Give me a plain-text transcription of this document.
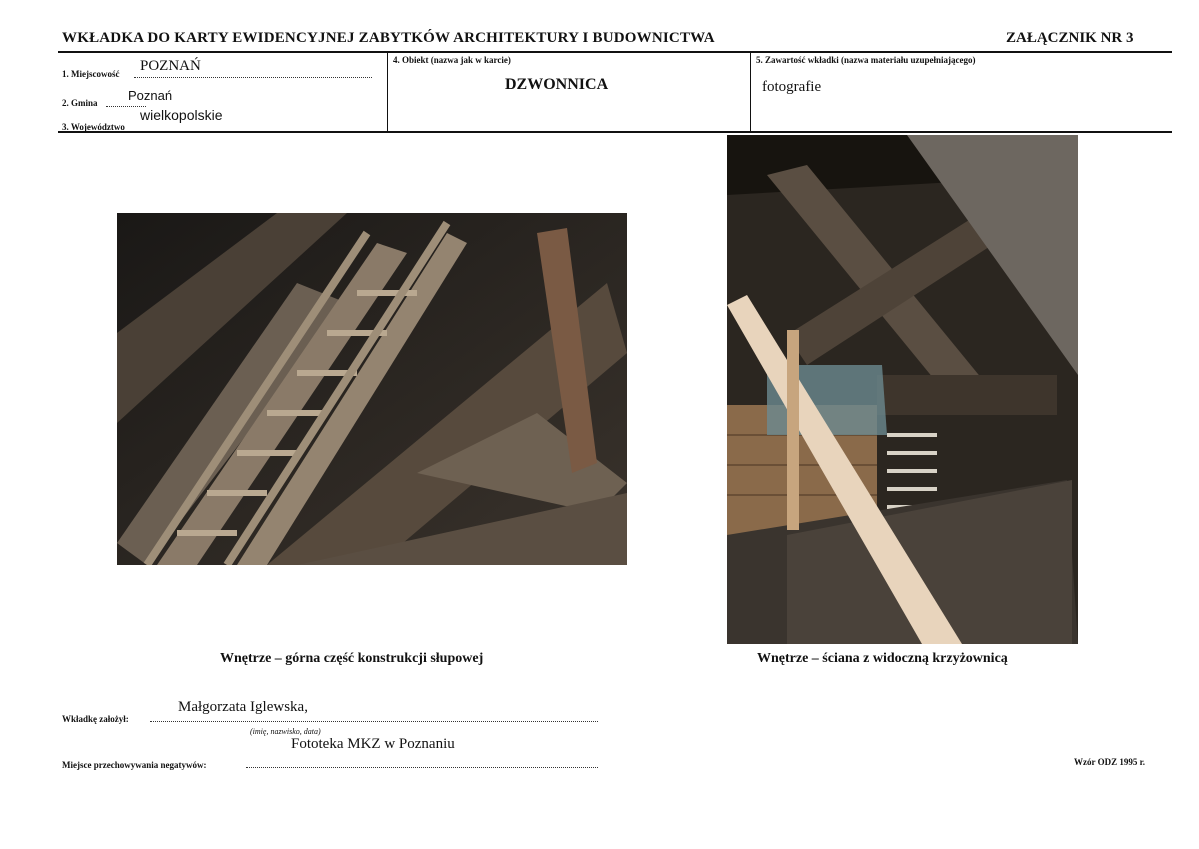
WKŁADKA DO KARTY EWIDENCYJNEJ ZABYTKÓW ARCHITEKTURY I BUDOWNICTWA	ZAŁĄCZNIK NR 3
1. Miejscowość POZNAŃ
2. Gmina Poznań
3. Województwo
wielkopolskie
4. Obiekt (nazwa jak w karcie)
DZWONNICA
5. Zawartość wkładki (nazwa materiału uzupełniającego)
fotografie
Wnętrze – górna część konstrukcji słupowej	Wnętrze – ściana z widoczną krzyżownicą
Wkładkę założył:
Małgorzata Iglewska,
(imię, nazwisko, data)
Miejsce przechowywania negatywów:
Fototeka MKZ w Poznaniu
Wzór ODZ 1995 r.
